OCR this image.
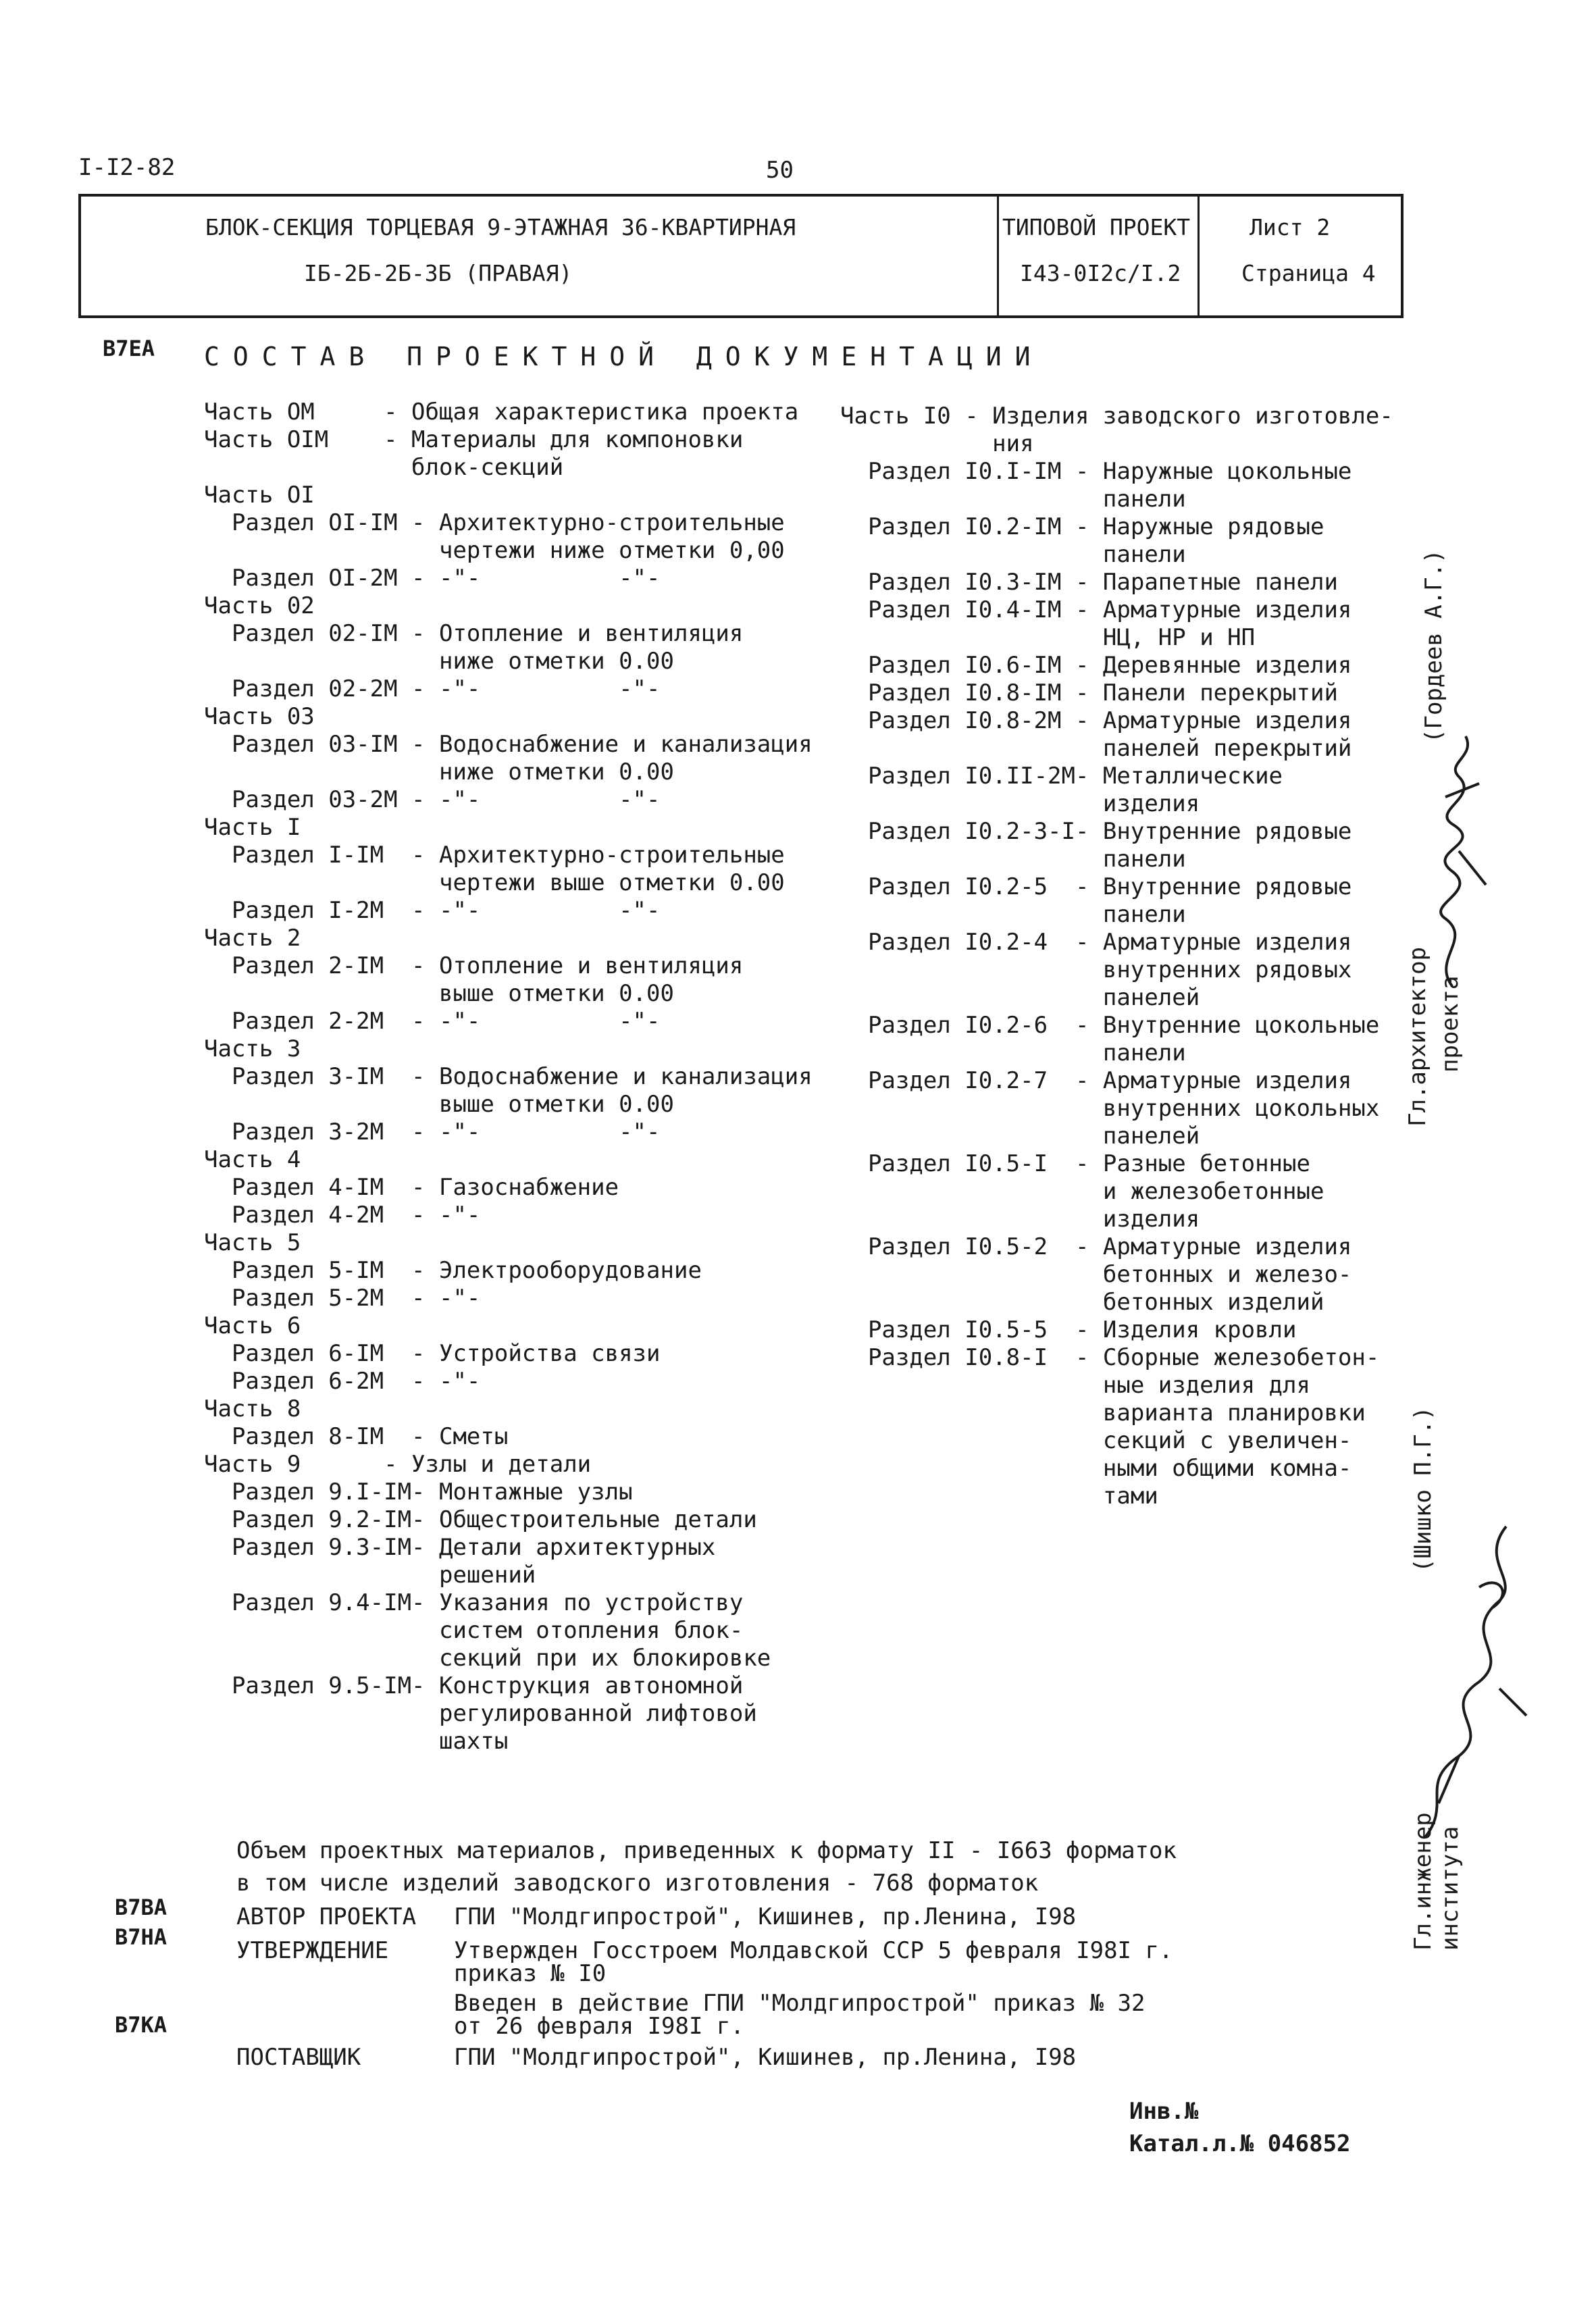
I-I2-82	50
БЛОК-СЕКЦИЯ ТОРЦЕВАЯ 9-ЭТАЖНАЯ 36-КВАРТИРНАЯ
IБ-2Б-2Б-3Б (ПРАВАЯ)
ТИПОВОЙ ПРОЕКТ
I43-0I2с/I.2
Лист 2
Страница 4
В7ЕА СОСТАВ ПРОЕКТНОЙ ДОКУМЕНТАЦИИ
Часть ОМ     - Общая характеристика проекта
Часть ОIМ    - Материалы для компоновки
блок-секций
Часть ОI
Раздел ОI-IМ - Архитектурно-строительные
чертежи ниже отметки 0,00
Раздел ОI-2М - -"-          -"-
Часть 02
Раздел 02-IМ - Отопление и вентиляция
ниже отметки 0.00
Раздел 02-2М - -"-          -"-
Часть 03
Раздел 03-IМ - Водоснабжение и канализация
ниже отметки 0.00
Раздел 03-2М - -"-          -"-
Часть I
Раздел I-IМ  - Архитектурно-строительные
чертежи выше отметки 0.00
Раздел I-2М  - -"-          -"-
Часть 2
Раздел 2-IМ  - Отопление и вентиляция
выше отметки 0.00
Раздел 2-2М  - -"-          -"-
Часть 3
Раздел 3-IМ  - Водоснабжение и канализация
выше отметки 0.00
Раздел 3-2М  - -"-          -"-
Часть 4
Раздел 4-IМ  - Газоснабжение
Раздел 4-2М  - -"-
Часть 5
Раздел 5-IМ  - Электрооборудование
Раздел 5-2М  - -"-
Часть 6
Раздел 6-IМ  - Устройства связи
Раздел 6-2М  - -"-
Часть 8
Раздел 8-IМ  - Сметы
Часть 9      - Узлы и детали
Раздел 9.I-IМ- Монтажные узлы
Раздел 9.2-IМ- Общестроительные детали
Раздел 9.3-IМ- Детали архитектурных
решений
Раздел 9.4-IМ- Указания по устройству
систем отопления блок-
секций при их блокировке
Раздел 9.5-IМ- Конструкция автономной
регулированной лифтовой
шахты
Часть I0 - Изделия заводского изготовле-
ния
Раздел I0.I-IМ - Наружные цокольные
панели
Раздел I0.2-IМ - Наружные рядовые
панели
Раздел I0.3-IМ - Парапетные панели
Раздел I0.4-IМ - Арматурные изделия
НЦ, НР и НП
Раздел I0.6-IМ - Деревянные изделия
Раздел I0.8-IМ - Панели перекрытий
Раздел I0.8-2М - Арматурные изделия
панелей перекрытий
Раздел I0.II-2М- Металлические
изделия
Раздел I0.2-3-I- Внутренние рядовые
панели
Раздел I0.2-5  - Внутренние рядовые
панели
Раздел I0.2-4  - Арматурные изделия
внутренних рядовых
панелей
Раздел I0.2-6  - Внутренние цокольные
панели
Раздел I0.2-7  - Арматурные изделия
внутренних цокольных
панелей
Раздел I0.5-I  - Разные бетонные
и железобетонные
изделия
Раздел I0.5-2  - Арматурные изделия
бетонных и железо-
бетонных изделий
Раздел I0.5-5  - Изделия кровли
Раздел I0.8-I  - Сборные железобетон-
ные изделия для
варианта планировки
секций с увеличен-
ными общими комна-
тами
Объем проектных материалов, приведенных к формату II - I663 форматок
в том числе изделий заводского изготовления - 768 форматок
В7ВА	АВТОР ПРОЕКТА ГПИ "Молдгипрострой", Кишинев, пр.Ленина, I98
В7НА	УТВЕРЖДЕНИЕ	Утвержден Госстроем Молдавской ССР 5 февраля I98I г.
приказ № I0
В7КА
Введен в действие ГПИ "Молдгипрострой" приказ № 32
от 26 февраля I98I г.
ПОСТАВЩИК	ГПИ "Молдгипрострой", Кишинев, пр.Ленина, I98
Инв.№
Катал.л.№ 046852
Гл.архитектор проекта
(Гордеев А.Г.)
Гл.инженер института
(Шишко П.Г.)
